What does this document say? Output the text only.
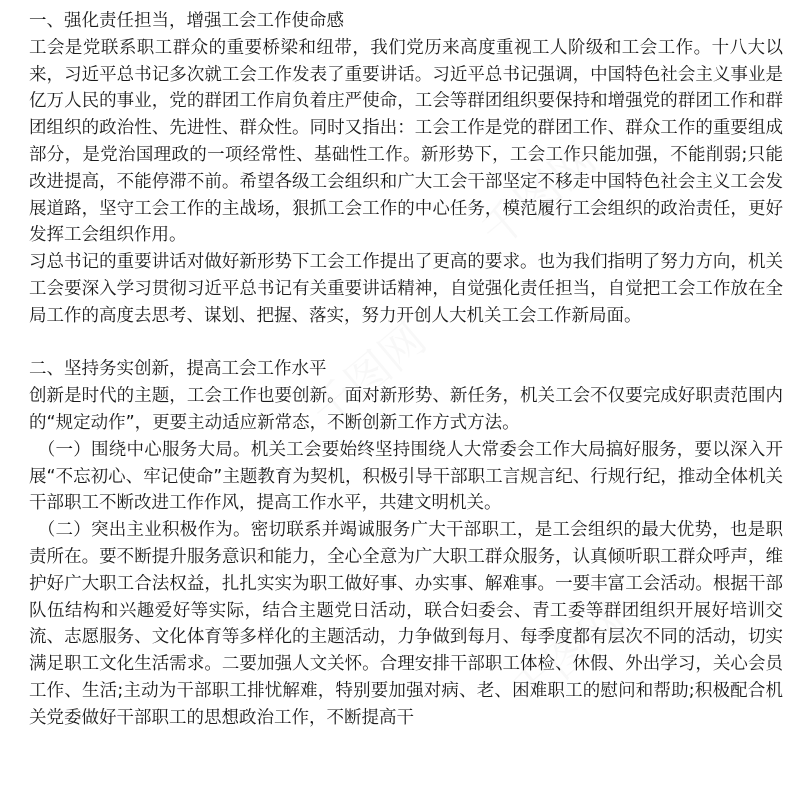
千图网
千图网
千图网

一、强化责任担当，增强工会工作使命感

工会是党联系职工群众的重要桥梁和纽带，我们党历来高度重视工人阶级和工会工作。十八大以来，习近平总书记多次就工会工作发表了重要讲话。习近平总书记强调，中国特色社会主义事业是亿万人民的事业，党的群团工作肩负着庄严使命，工会等群团组织要保持和增强党的群团工作和群团组织的政治性、先进性、群众性。同时又指出：工会工作是党的群团工作、群众工作的重要组成部分，是党治国理政的一项经常性、基础性工作。新形势下，工会工作只能加强，不能削弱;只能改进提高，不能停滞不前。希望各级工会组织和广大工会干部坚定不移走中国特色社会主义工会发展道路，坚守工会工作的主战场，狠抓工会工作的中心任务，模范履行工会组织的政治责任，更好发挥工会组织作用。

习总书记的重要讲话对做好新形势下工会工作提出了更高的要求。也为我们指明了努力方向，机关工会要深入学习贯彻习近平总书记有关重要讲话精神，自觉强化责任担当，自觉把工会工作放在全局工作的高度去思考、谋划、把握、落实，努力开创人大机关工会工作新局面。

二、坚持务实创新，提高工会工作水平

创新是时代的主题，工会工作也要创新。面对新形势、新任务，机关工会不仅要完成好职责范围内的“规定动作”，更要主动适应新常态，不断创新工作方式方法。

（一）围绕中心服务大局。机关工会要始终坚持围绕人大常委会工作大局搞好服务，要以深入开展“不忘初心、牢记使命”主题教育为契机，积极引导干部职工言规言纪、行规行纪，推动全体机关干部职工不断改进工作作风，提高工作水平，共建文明机关。

（二）突出主业积极作为。密切联系并竭诚服务广大干部职工，是工会组织的最大优势，也是职责所在。要不断提升服务意识和能力，全心全意为广大职工群众服务，认真倾听职工群众呼声，维护好广大职工合法权益，扎扎实实为职工做好事、办实事、解难事。一要丰富工会活动。根据干部队伍结构和兴趣爱好等实际，结合主题党日活动，联合妇委会、青工委等群团组织开展好培训交流、志愿服务、文化体育等多样化的主题活动，力争做到每月、每季度都有层次不同的活动，切实满足职工文化生活需求。二要加强人文关怀。合理安排干部职工体检、休假、外出学习，关心会员工作、生活;主动为干部职工排忧解难，特别要加强对病、老、困难职工的慰问和帮助;积极配合机关党委做好干部职工的思想政治工作，不断提高干
